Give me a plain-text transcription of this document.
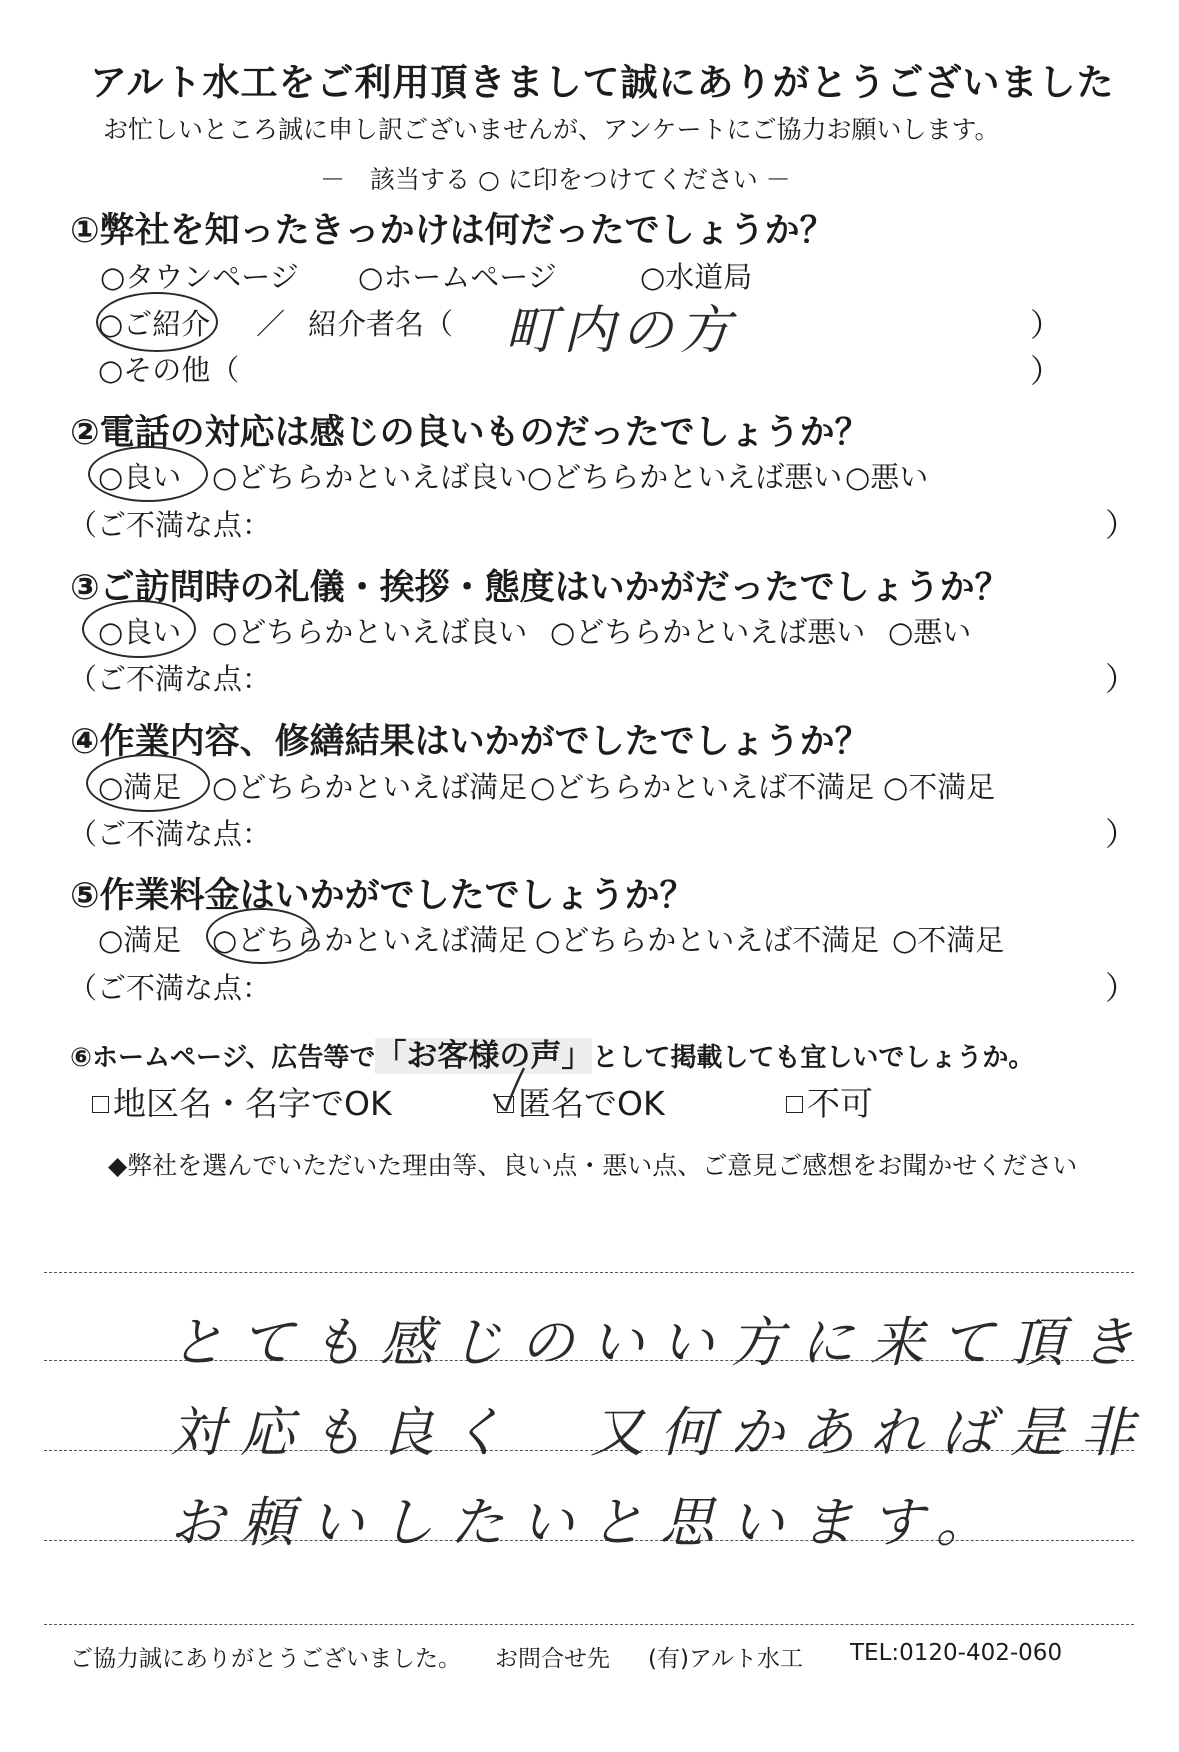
アルト水工をご利用頂きまして誠にありがとうございました
お忙しいところ誠に申し訳ございませんが、アンケートにご協力お願いします。
－　該当する ○ に印をつけてください －
①弊社を知ったきっかけは何だったでしょうか？
○タウンページ ○ホームページ	○水道局
○ご紹介 ／ 紹介者名（ 町内の方	）
○その他（	）
②電話の対応は感じの良いものだったでしょうか？
○良い ○どちらかといえば良い ○どちらかといえば悪い ○悪い
（ご不満な点：	）
③ご訪問時の礼儀・挨拶・態度はいかがだったでしょうか？
○良い ○どちらかといえば良い ○どちらかといえば悪い ○悪い
（ご不満な点：	）
④作業内容、修繕結果はいかがでしたでしょうか？
○満足 ○どちらかといえば満足 ○どちらかといえば不満足 ○不満足
（ご不満な点：	）
⑤作業料金はいかがでしたでしょうか？
○満足 ○どちらかといえば満足 ○どちらかといえば不満足 ○不満足
（ご不満な点：	）
⑥ホームページ、広告等で「お客様の声」として掲載しても宜しいでしょうか。
地区名・名字でOK	匿名でOK	不可
◆弊社を選んでいただいた理由等、良い点・悪い点、ご意見ご感想をお聞かせください
とても感じのいい方に来て頂き
対応も良く　又何かあれば是非
お頼いしたいと思います。
ご協力誠にありがとうございました。 お問合せ先 (有)アルト水工 TEL:0120-402-060
